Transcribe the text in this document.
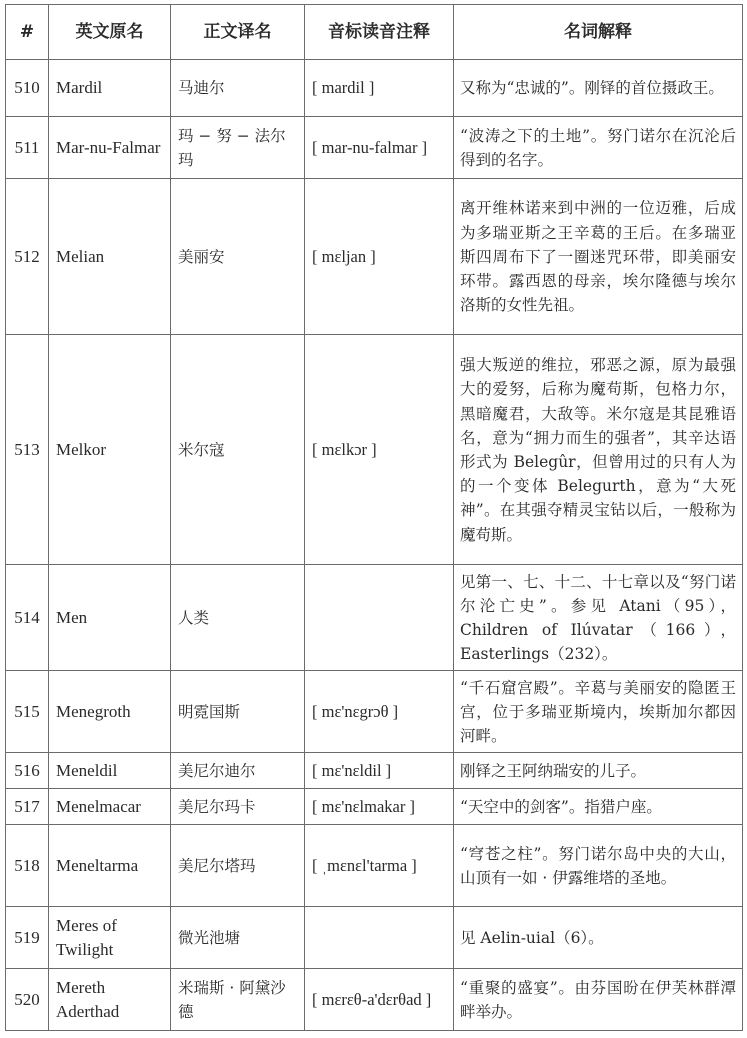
#	英文原名	正文译名	音标读音注释	名词解释
510	Mardil	马迪尔	[ mardil ]	又称为“忠诚的”。刚铎的首位摄政王。
511	Mar-nu-Falmar	玛 − 努 − 法尔玛	[ mar-nu-falmar ]	“波涛之下的土地”。努门诺尔在沉沦后得到的名字。
512	Melian	美丽安	[ mɛljan ]	离开维林诺来到中洲的一位迈雅，后成为多瑞亚斯之王辛葛的王后。在多瑞亚斯四周布下了一圈迷咒环带，即美丽安环带。露西恩的母亲，埃尔隆德与埃尔洛斯的女性先祖。
513	Melkor	米尔寇	[ mɛlkɔr ]	强大叛逆的维拉，邪恶之源，原为最强大的爱努，后称为魔苟斯，包格力尔，黑暗魔君，大敌等。米尔寇是其昆雅语名，意为“拥力而生的强者”，其辛达语形式为 Belegûr，但曾用过的只有人为的一个变体 Belegurth，意为“大死神”。在其强夺精灵宝钻以后，一般称为魔苟斯。
514	Men	人类		见第一、七、十二、十七章以及“努门诺尔沦亡史”。参见 Atani（95），Children of Ilúvatar（166），Easterlings（232）。
515	Menegroth	明霓国斯	[ mɛ'nɛgrɔθ ]	“千石窟宫殿”。辛葛与美丽安的隐匿王宫，位于多瑞亚斯境内，埃斯加尔都因河畔。
516	Meneldil	美尼尔迪尔	[ mɛ'nɛldil ]	刚铎之王阿纳瑞安的儿子。
517	Menelmacar	美尼尔玛卡	[ mɛ'nɛlmakar ]	“天空中的剑客”。指猎户座。
518	Meneltarma	美尼尔塔玛	[ ˌmɛnɛl'tarma ]	“穹苍之柱”。努门诺尔岛中央的大山，山顶有一如 · 伊露维塔的圣地。
519	Meres of Twilight	微光池塘		见 Aelin-uial（6）。
520	Mereth Aderthad	米瑞斯 · 阿黛沙德	[ mɛrɛθ-a'dɛrθad ]	“重聚的盛宴”。由芬国昐在伊芙林群潭畔举办。
